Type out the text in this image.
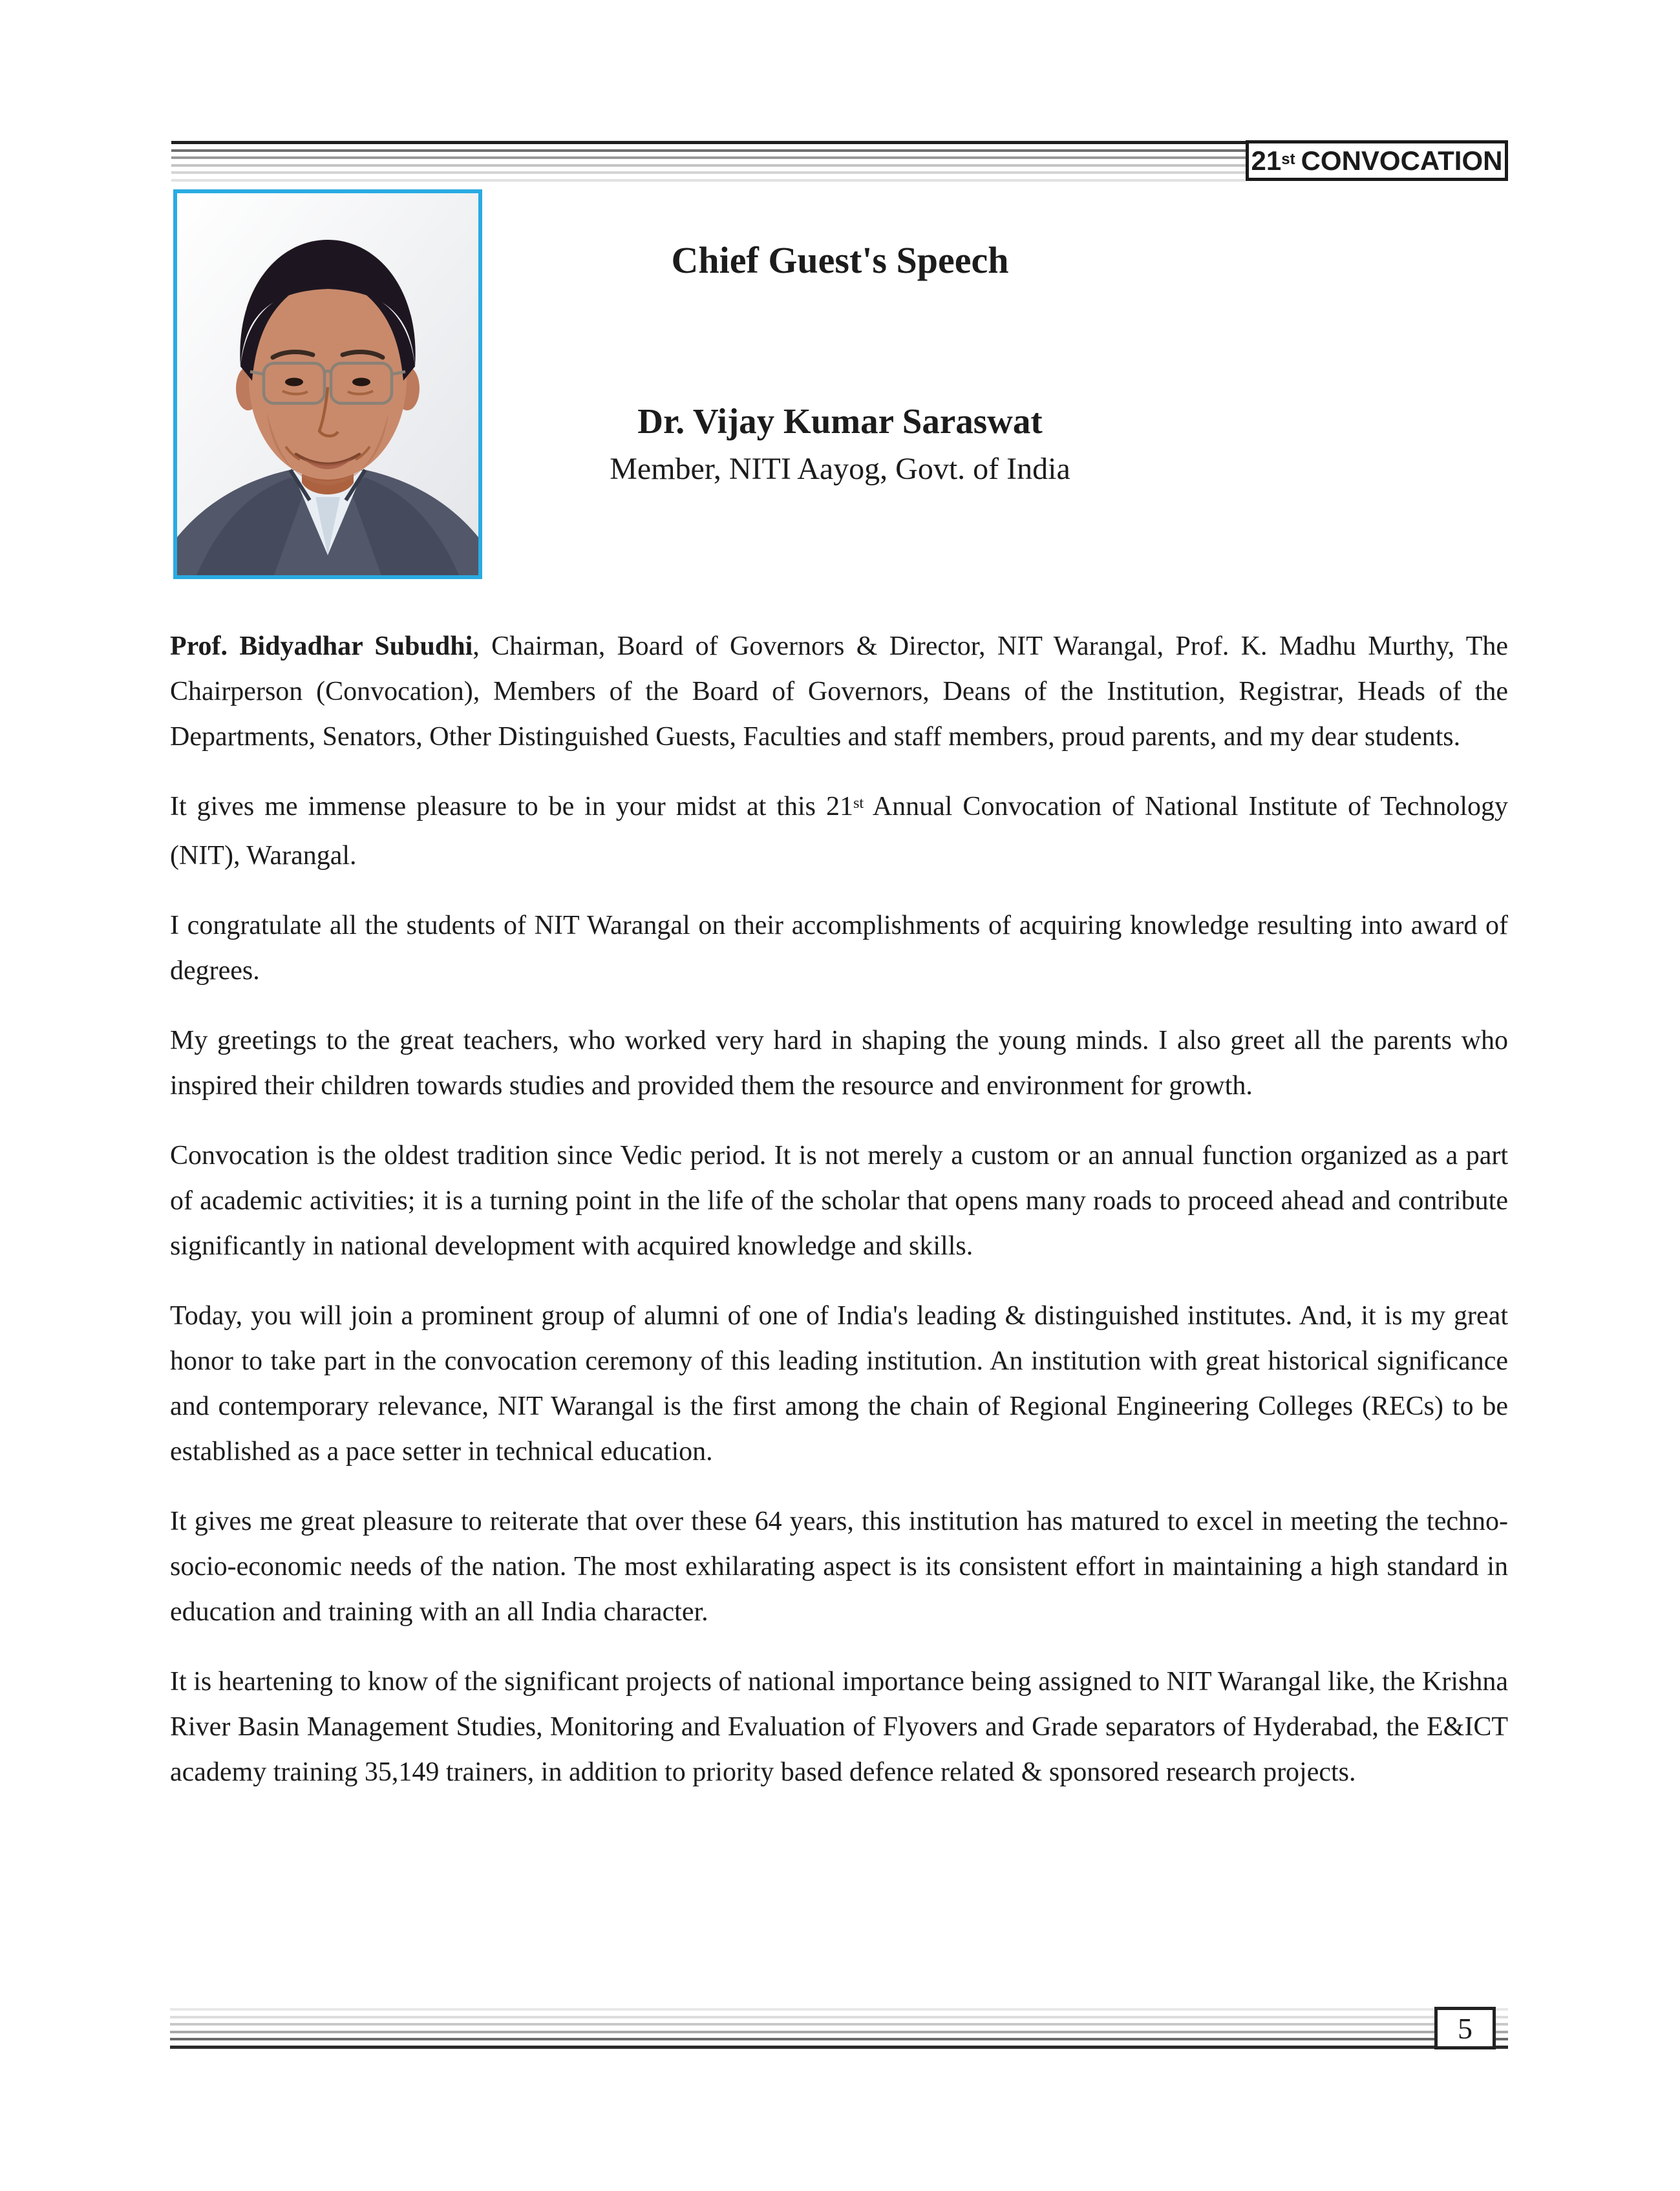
21st CONVOCATION
Chief Guest's Speech
Dr. Vijay Kumar Saraswat
Member, NITI Aayog, Govt. of India

Prof. Bidyadhar Subudhi, Chairman, Board of Governors & Director, NIT Warangal, Prof. K. Madhu Murthy, The Chairperson (Convocation), Members of the Board of Governors, Deans of the Institution, Registrar, Heads of the Departments, Senators, Other Distinguished Guests, Faculties and staff members, proud parents, and my dear students.

It gives me immense pleasure to be in your midst at this 21st Annual Convocation of National Institute of Technology (NIT), Warangal.

I congratulate all the students of NIT Warangal on their accomplishments of acquiring knowledge resulting into award of degrees.

My greetings to the great teachers, who worked very hard in shaping the young minds. I also greet all the parents who inspired their children towards studies and provided them the resource and environment for growth.

Convocation is the oldest tradition since Vedic period. It is not merely a custom or an annual function organized as a part of academic activities; it is a turning point in the life of the scholar that opens many roads to proceed ahead and contribute significantly in national development with acquired knowledge and skills.

Today, you will join a prominent group of alumni of one of India's leading & distinguished institutes. And, it is my great honor to take part in the convocation ceremony of this leading institution. An institution with great historical significance and contemporary relevance, NIT Warangal is the first among the chain of Regional Engineering Colleges (RECs) to be established as a pace setter in technical education.

It gives me great pleasure to reiterate that over these 64 years, this institution has matured to excel in meeting the techno-socio-economic needs of the nation. The most exhilarating aspect is its consistent effort in maintaining a high standard in education and training with an all India character.

It is heartening to know of the significant projects of national importance being assigned to NIT Warangal like, the Krishna River Basin Management Studies, Monitoring and Evaluation of Flyovers and Grade separators of Hyderabad, the E&ICT academy training 35,149 trainers, in addition to priority based defence related & sponsored research projects.

5
